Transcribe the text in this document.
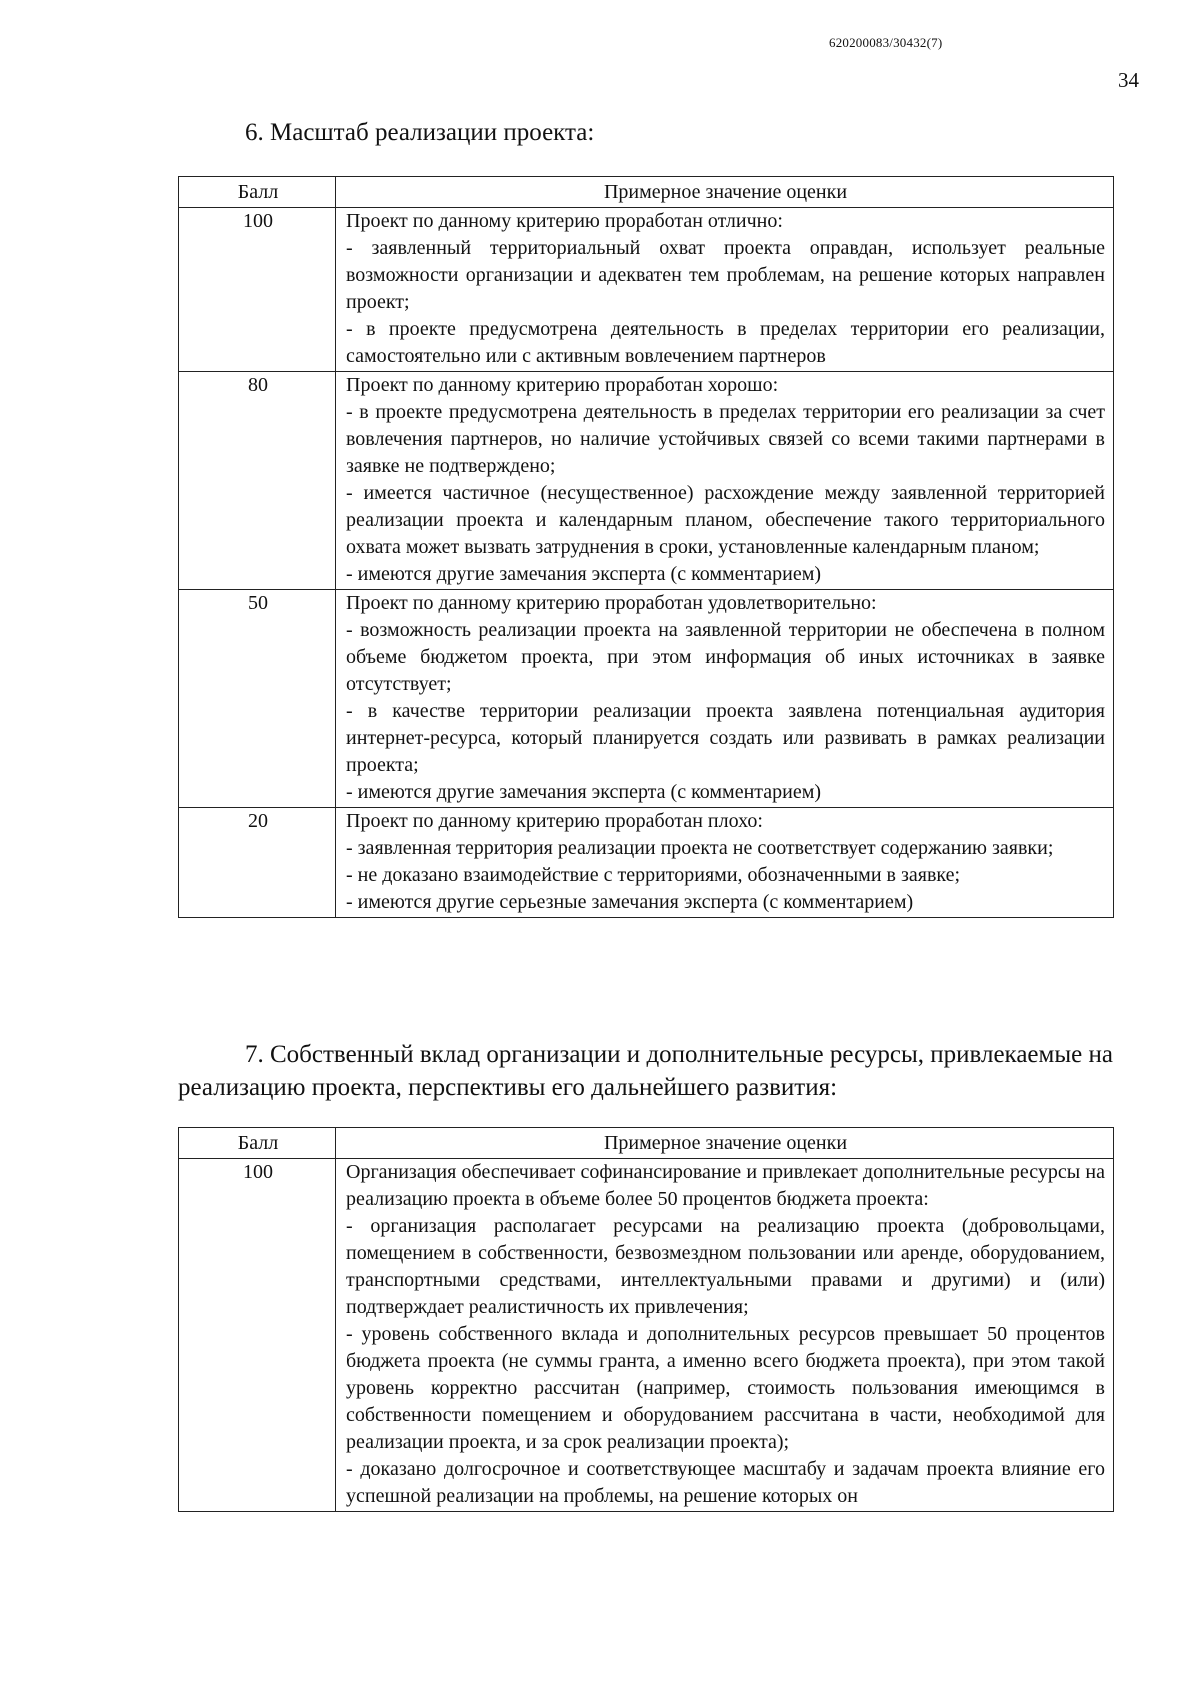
620200083/30432(7)
34
6. Масштаб реализации проекта:
Балл	Примерное значение оценки
100	Проект по данному критерию проработан отлично:
- заявленный территориальный охват проекта оправдан, использует реальные возможности организации и адекватен тем проблемам, на решение которых направлен проект;
- в проекте предусмотрена деятельность в пределах территории его реализации, самостоятельно или с активным вовлечением партнеров

80	Проект по данному критерию проработан хорошо:
- в проекте предусмотрена деятельность в пределах территории его реализации за счет вовлечения партнеров, но наличие устойчивых связей со всеми такими партнерами в заявке не подтверждено;
- имеется частичное (несущественное) расхождение между заявленной территорией реализации проекта и календарным планом, обеспечение такого территориального охвата может вызвать затруднения в сроки, установленные календарным планом;
- имеются другие замечания эксперта (с комментарием)

50	Проект по данному критерию проработан удовлетворительно:
- возможность реализации проекта на заявленной территории не обеспечена в полном объеме бюджетом проекта, при этом информация об иных источниках в заявке отсутствует;
- в качестве территории реализации проекта заявлена потенциальная аудитория интернет-ресурса, который планируется создать или развивать в рамках реализации проекта;
- имеются другие замечания эксперта (с комментарием)

20	Проект по данному критерию проработан плохо:
- заявленная территория реализации проекта не соответствует содержанию заявки;
- не доказано взаимодействие с территориями, обозначенными в заявке;
- имеются другие серьезные замечания эксперта (с комментарием)
7. Собственный вклад организации и дополнительные ресурсы, привлекаемые на реализацию проекта, перспективы его дальнейшего развития:
Балл	Примерное значение оценки
100	Организация обеспечивает софинансирование и привлекает дополнительные ресурсы на реализацию проекта в объеме более 50 процентов бюджета проекта:
- организация располагает ресурсами на реализацию проекта (добровольцами, помещением в собственности, безвозмездном пользовании или аренде, оборудованием, транспортными средствами, интеллектуальными правами и другими) и (или) подтверждает реалистичность их привлечения;
- уровень собственного вклада и дополнительных ресурсов превышает 50 процентов бюджета проекта (не суммы гранта, а именно всего бюджета проекта), при этом такой уровень корректно рассчитан (например, стоимость пользования имеющимся в собственности помещением и оборудованием рассчитана в части, необходимой для реализации проекта, и за срок реализации проекта);
- доказано долгосрочное и соответствующее масштабу и задачам проекта влияние его успешной реализации на проблемы, на решение которых он
